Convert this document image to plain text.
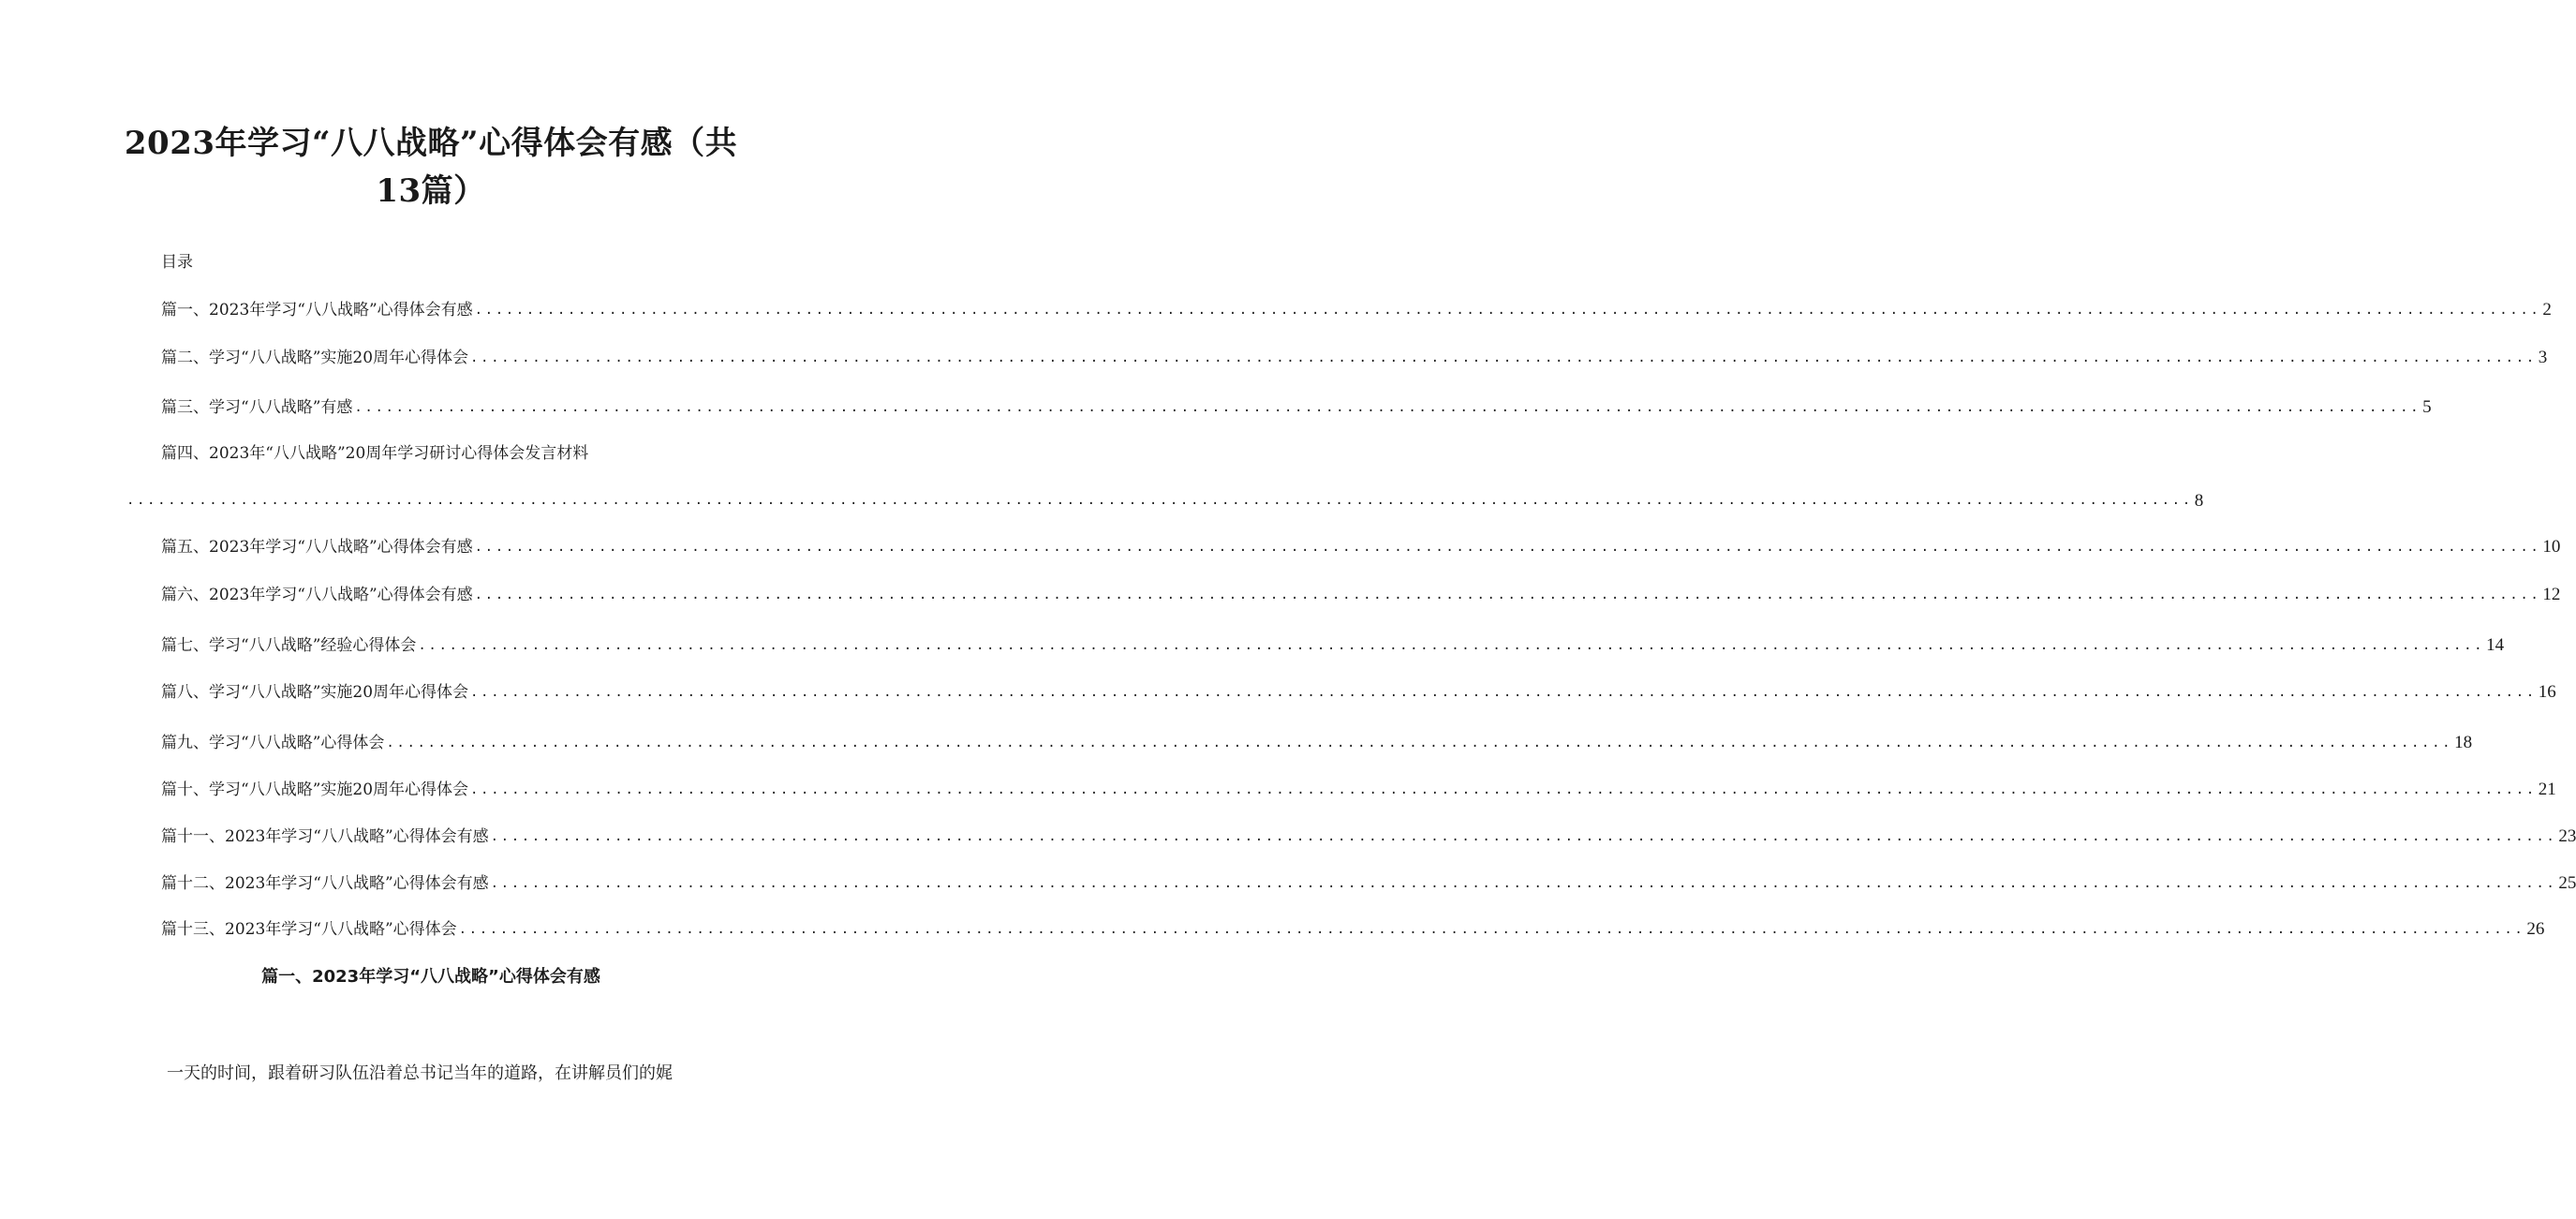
2023年学习“八八战略”心得体会有感（共
13篇）
目录
篇一、2023年学习“八八战略”心得体会有感 ........................................................................................................................................................................................................ 2
篇二、学习“八八战略”实施20周年心得体会 ........................................................................................................................................................................................................ 3
篇三、学习“八八战略”有感 ........................................................................................................................................................................................................ 5
篇四、2023年“八八战略”20周年学习研讨心得体会发言材料
........................................................................................................................................................................................................ 8
篇五、2023年学习“八八战略”心得体会有感 ........................................................................................................................................................................................................ 10
篇六、2023年学习“八八战略”心得体会有感 ........................................................................................................................................................................................................ 12
篇七、学习“八八战略”经验心得体会 ........................................................................................................................................................................................................ 14
篇八、学习“八八战略”实施20周年心得体会 ........................................................................................................................................................................................................ 16
篇九、学习“八八战略”心得体会 ........................................................................................................................................................................................................ 18
篇十、学习“八八战略”实施20周年心得体会 ........................................................................................................................................................................................................ 21
篇十一、2023年学习“八八战略”心得体会有感 ........................................................................................................................................................................................................ 23
篇十二、2023年学习“八八战略”心得体会有感 ........................................................................................................................................................................................................ 25
篇十三、2023年学习“八八战略”心得体会 ........................................................................................................................................................................................................ 26
篇一、2023年学习“八八战略”心得体会有感
一天的时间，跟着研习队伍沿着总书记当年的道路，在讲解员们的娓
